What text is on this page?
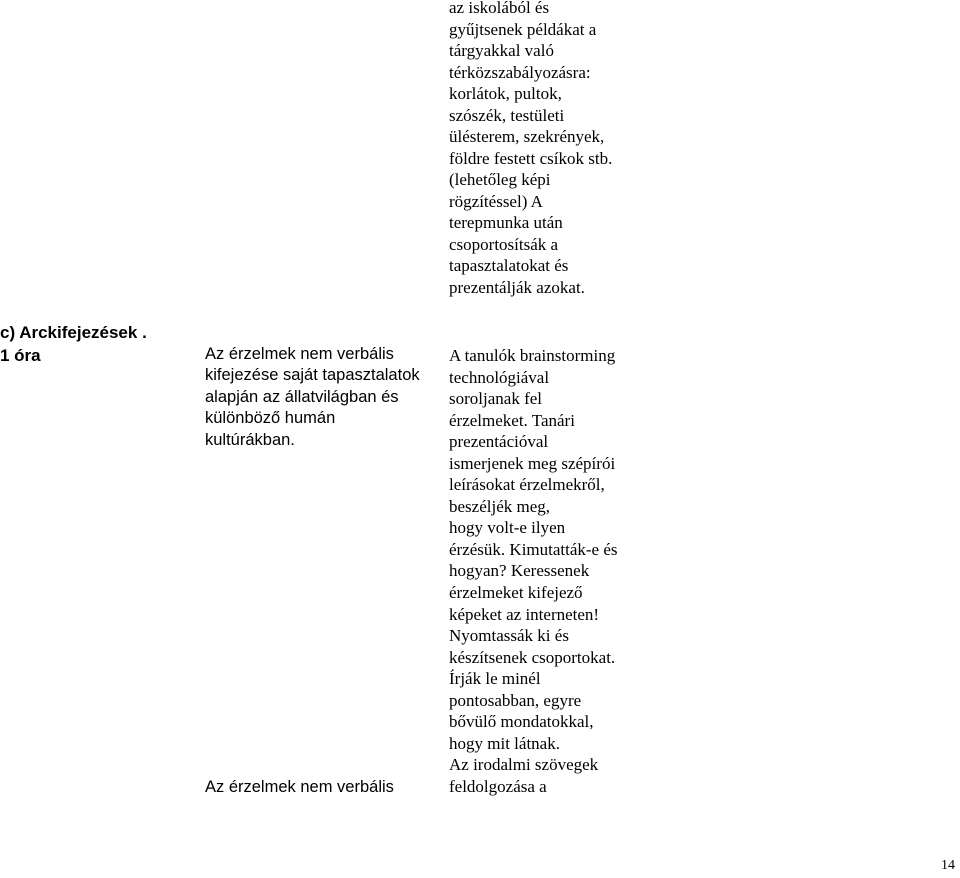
az iskolából és
gyűjtsenek példákat a
tárgyakkal való
térközszabályozásra:
korlátok, pultok,
szószék, testületi
ülésterem, szekrények,
földre festett csíkok stb.
(lehetőleg képi
rögzítéssel) A
terepmunka után
csoportosítsák a
tapasztalatokat és
prezentálják azokat.
c) Arckifejezések .
1 óra	Az érzelmek nem verbális
kifejezése saját tapasztalatok
alapján az állatvilágban és
különböző humán
kultúrákban.
Az érzelmek nem verbális
A tanulók brainstorming
technológiával
soroljanak fel
érzelmeket. Tanári
prezentációval
ismerjenek meg szépírói
leírásokat érzelmekről,
beszéljék meg,
hogy volt-e ilyen
érzésük. Kimutatták-e és
hogyan? Keressenek
érzelmeket kifejező
képeket az interneten!
Nyomtassák ki és
készítsenek csoportokat.
Írják le minél
pontosabban, egyre
bővülő mondatokkal,
hogy mit látnak.
Az irodalmi szövegek
feldolgozása a
14
